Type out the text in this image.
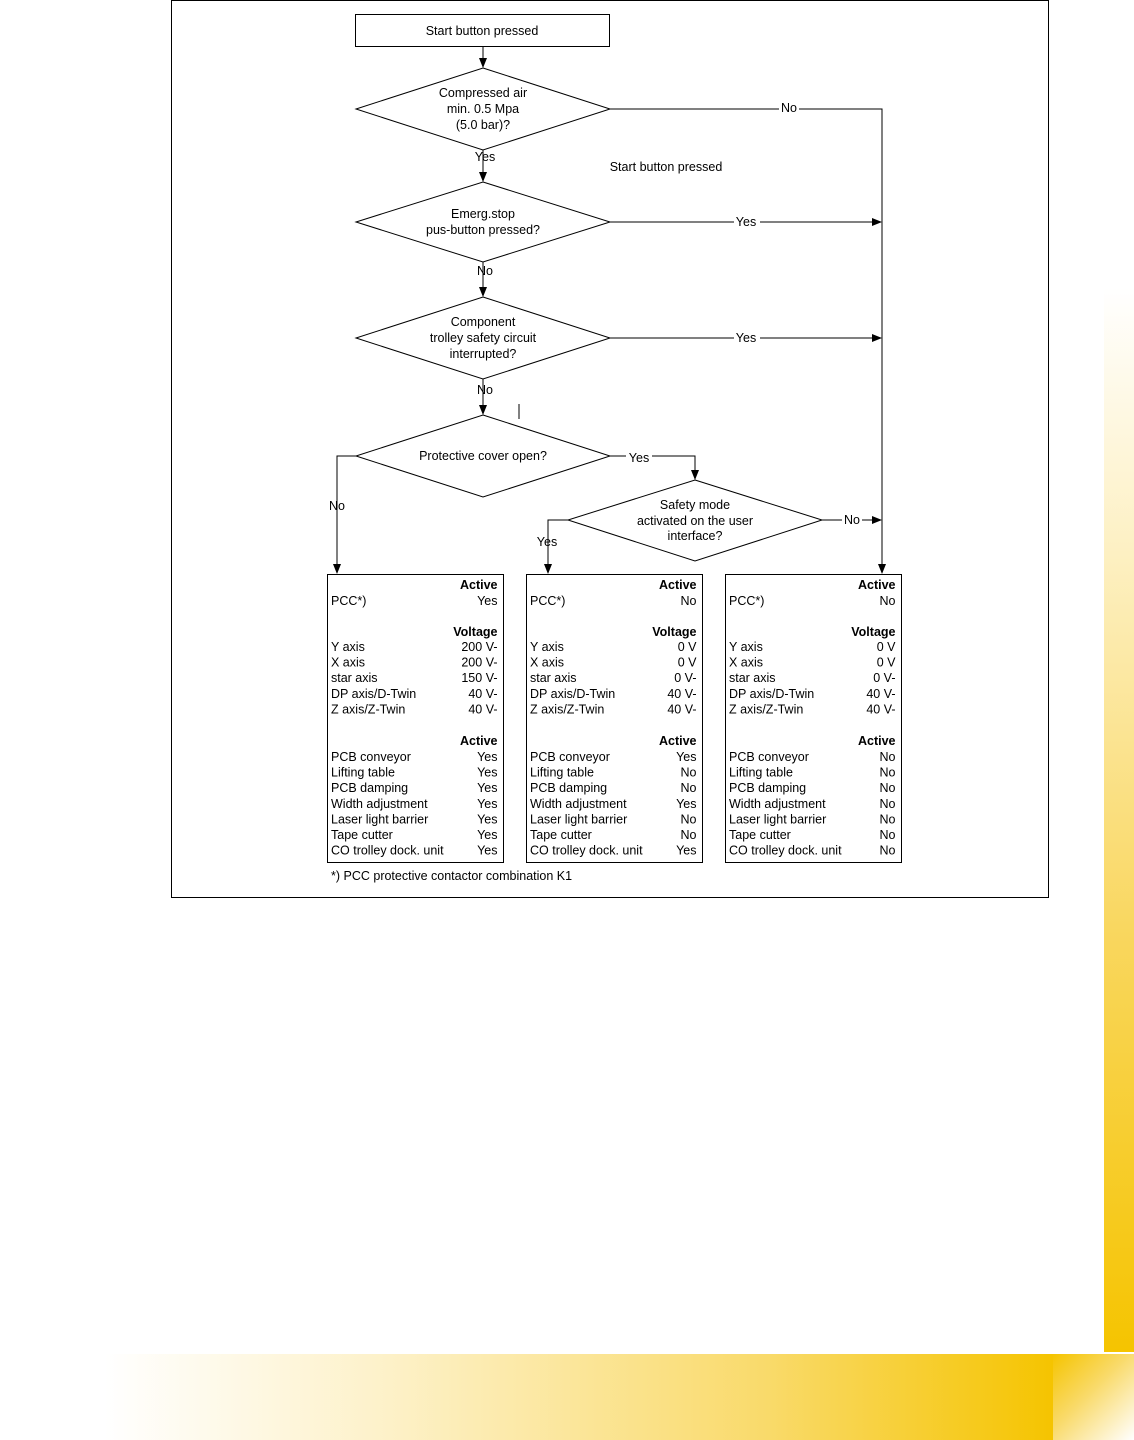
Start button pressed
Compressed air
min. 0.5 Mpa
(5.0 bar)?
Emerg.stop
pus-button pressed?
Component
trolley safety circuit
interrupted?
Protective cover open?
Safety mode
activated on the user
interface?
No
Yes
Yes
No
Yes
No
Yes
No
No
Yes
Start button pressed
Active
PCC*)	Yes
Voltage
Y axis	200 V-
X axis	200 V-
star axis	150 V-
DP axis/D-Twin	40 V-
Z axis/Z-Twin	40 V-
Active
PCB conveyor	Yes
Lifting table	Yes
PCB damping	Yes
Width adjustment	Yes
Laser light barrier	Yes
Tape cutter	Yes
CO trolley dock. unit	Yes
Active
PCC*)	No
Voltage
Y axis	0 V
X axis	0 V
star axis	0 V-
DP axis/D-Twin	40 V-
Z axis/Z-Twin	40 V-
Active
PCB conveyor	Yes
Lifting table	No
PCB damping	No
Width adjustment	Yes
Laser light barrier	No
Tape cutter	No
CO trolley dock. unit	Yes
Active
PCC*)	No
Voltage
Y axis	0 V
X axis	0 V
star axis	0 V-
DP axis/D-Twin	40 V-
Z axis/Z-Twin	40 V-
Active
PCB conveyor	No
Lifting table	No
PCB damping	No
Width adjustment	No
Laser light barrier	No
Tape cutter	No
CO trolley dock. unit	No
*) PCC protective contactor combination K1
